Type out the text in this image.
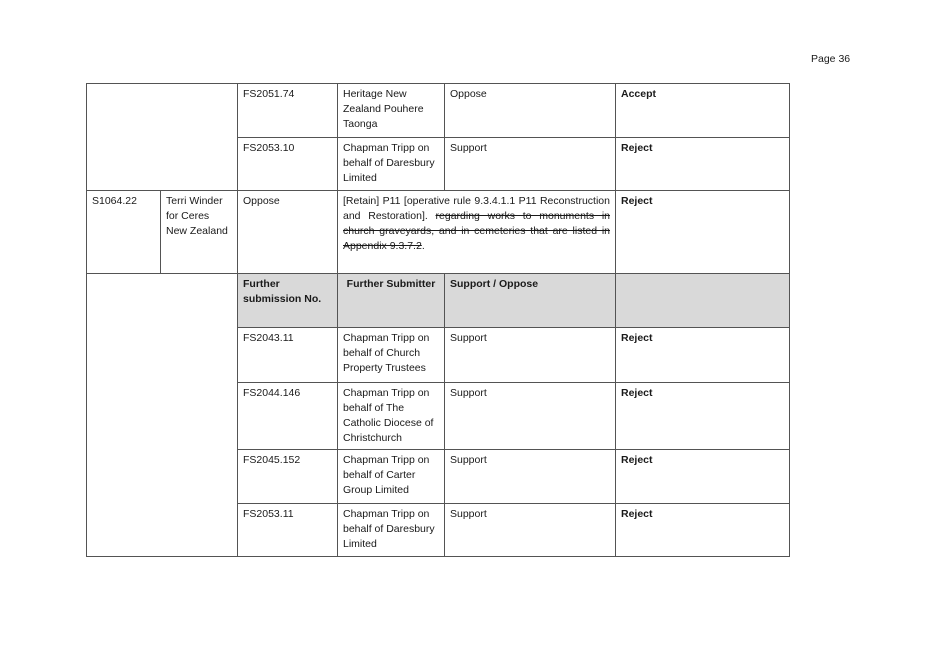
Page 36
		FS2051.74	Heritage New Zealand Pouhere Taonga	Oppose	Accept
		FS2053.10	Chapman Tripp on behalf of Daresbury Limited	Support	Reject
S1064.22	Terri Winder for Ceres New Zealand	Oppose	[Retain] P11 [operative rule 9.3.4.1.1 P11 Reconstruction and Restoration]. regarding works to monuments in church graveyards, and in cemeteries that are listed in Appendix 9.3.7.2.		Reject
		Further submission No.	Further Submitter	Support / Oppose	
		FS2043.11	Chapman Tripp on behalf of Church Property Trustees	Support	Reject
		FS2044.146	Chapman Tripp on behalf of The Catholic Diocese of Christchurch	Support	Reject
		FS2045.152	Chapman Tripp on behalf of Carter Group Limited	Support	Reject
		FS2053.11	Chapman Tripp on behalf of Daresbury Limited	Support	Reject
